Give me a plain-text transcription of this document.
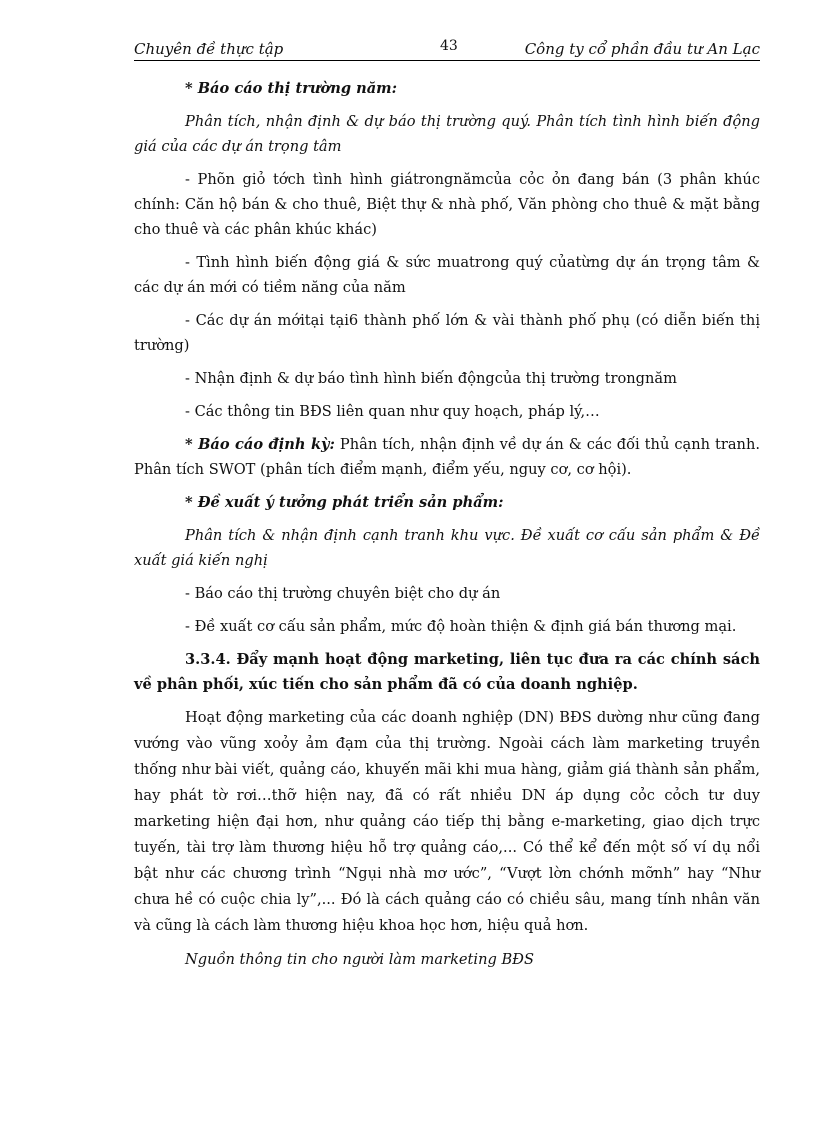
Chuyên đề thực tập	43	Công ty cổ phần đầu tư An Lạc

* Báo cáo thị trường năm:

Phân tích, nhận định & dự báo thị trường quý. Phân tích tình hình biến động giá của các dự án trọng tâm

- Phõn giỏ tớch tình hình giátrongnămcủa cỏc ỏn đang bán (3 phân khúc chính: Căn hộ bán & cho thuê, Biệt thự & nhà phố, Văn phòng cho thuê & mặt bằng cho thuê và các phân khúc khác)

- Tình hình biến động giá & sức muatrong quý củatừng dự án trọng tâm & các dự án mới có tiềm năng của năm

- Các dự án mớitại tại6 thành phố lớn & vài thành phố phụ (có diễn biến thị trường)

- Nhận định & dự báo tình hình biến độngcủa thị trường trongnăm

- Các thông tin BĐS liên quan như quy hoạch, pháp lý,…

* Báo cáo định kỳ: Phân tích, nhận định về dự án & các đối thủ cạnh tranh. Phân tích SWOT (phân tích điểm mạnh, điểm yếu, nguy cơ, cơ hội).

* Đề xuất ý tưởng phát triển sản phẩm:

Phân tích & nhận định cạnh tranh khu vực. Đề xuất cơ cấu sản phẩm & Đề xuất giá kiến nghị

- Báo cáo thị trường chuyên biệt cho dự án

- Đề xuất cơ cấu sản phẩm, mức độ hoàn thiện & định giá bán thương mại.

3.3.4. Đẩy mạnh hoạt động marketing, liên tục đưa ra các chính sách về phân phối, xúc tiến cho sản phẩm đã có của doanh nghiệp.

Hoạt động marketing của các doanh nghiệp (DN) BĐS dường như cũng đang vướng vào vũng xoỏy ảm đạm của thị trường. Ngoài cách làm marketing truyền thống như bài viết, quảng cáo, khuyến mãi khi mua hàng, giảm giá thành sản phẩm, hay phát tờ rơi…thỡ hiện nay, đã có rất nhiều DN áp dụng cỏc cỏch tư duy marketing hiện đại hơn, như quảng cáo tiếp thị bằng e-marketing, giao dịch trực tuyến, tài trợ làm thương hiệu hỗ trợ quảng cáo,... Có thể kể đến một số ví dụ nổi bật như các chương trình “Ngụi nhà mơ ước”, “Vượt lờn chớnh mỡnh” hay “Như chưa hề có cuộc chia ly”,... Đó là cách quảng cáo có chiều sâu, mang tính nhân văn và cũng là cách làm thương hiệu khoa học hơn, hiệu quả hơn.

Nguồn thông tin cho người làm marketing BĐS
